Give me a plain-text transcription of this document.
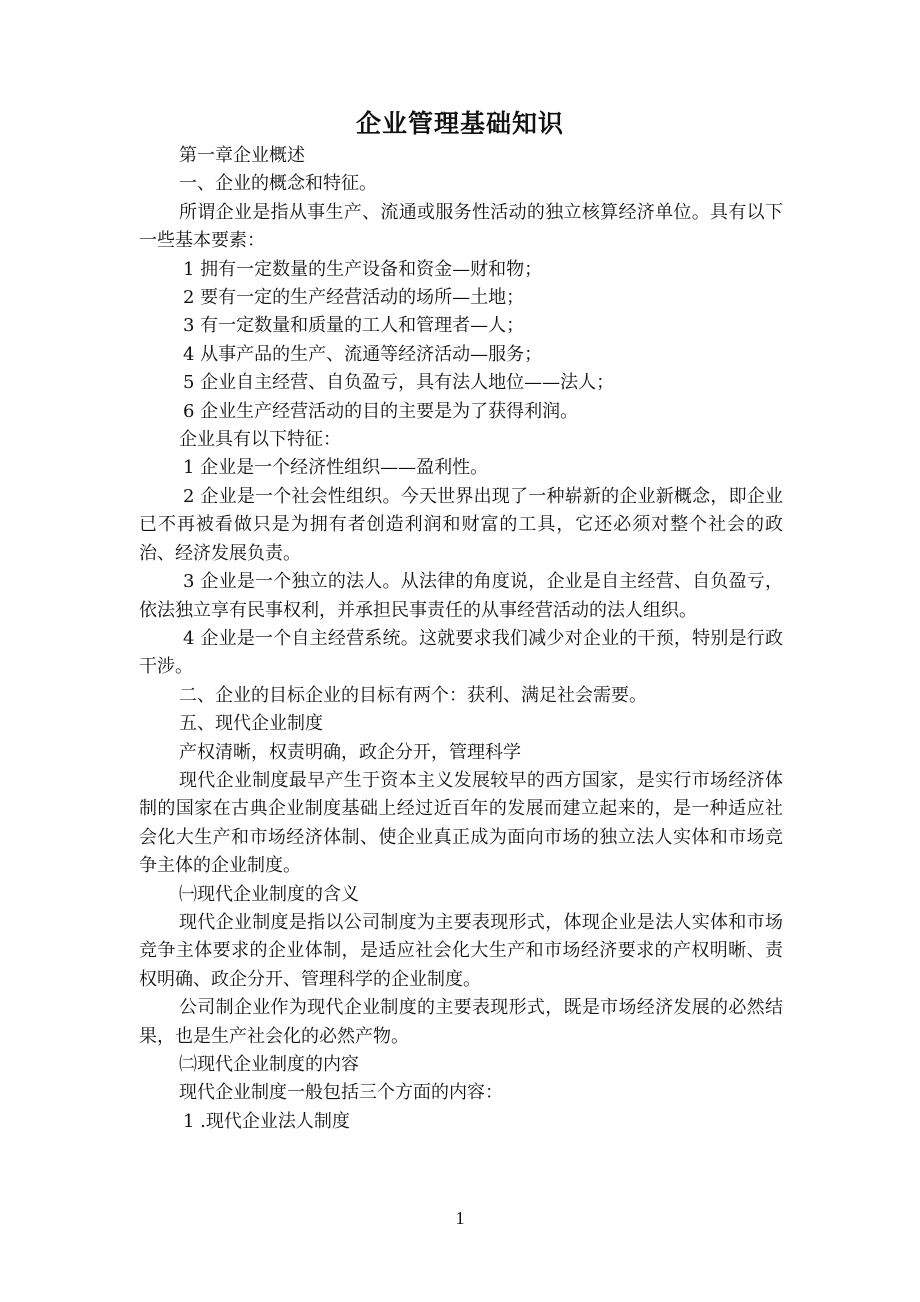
企业管理基础知识

第一章企业概述

一、企业的概念和特征。

所谓企业是指从事生产、流通或服务性活动的独立核算经济单位。具有以下一些基本要素：

1 拥有一定数量的生产设备和资金—财和物；

2 要有一定的生产经营活动的场所—土地；

3 有一定数量和质量的工人和管理者—人；

4 从事产品的生产、流通等经济活动—服务；

5 企业自主经营、自负盈亏，具有法人地位——法人；

6 企业生产经营活动的目的主要是为了获得利润。

企业具有以下特征：

1 企业是一个经济性组织——盈利性。

2 企业是一个社会性组织。今天世界出现了一种崭新的企业新概念，即企业已不再被看做只是为拥有者创造利润和财富的工具，它还必须对整个社会的政治、经济发展负责。

3 企业是一个独立的法人。从法律的角度说，企业是自主经营、自负盈亏，依法独立享有民事权利，并承担民事责任的从事经营活动的法人组织。

4 企业是一个自主经营系统。这就要求我们减少对企业的干预，特别是行政干涉。

二、企业的目标企业的目标有两个：获利、满足社会需要。

五、现代企业制度

产权清晰，权责明确，政企分开，管理科学

现代企业制度最早产生于资本主义发展较早的西方国家，是实行市场经济体制的国家在古典企业制度基础上经过近百年的发展而建立起来的，是一种适应社会化大生产和市场经济体制、使企业真正成为面向市场的独立法人实体和市场竞争主体的企业制度。

㈠现代企业制度的含义

现代企业制度是指以公司制度为主要表现形式，体现企业是法人实体和市场竞争主体要求的企业体制，是适应社会化大生产和市场经济要求的产权明晰、责权明确、政企分开、管理科学的企业制度。

公司制企业作为现代企业制度的主要表现形式，既是市场经济发展的必然结果，也是生产社会化的必然产物。

㈡现代企业制度的内容

现代企业制度一般包括三个方面的内容：

1 .现代企业法人制度

1
